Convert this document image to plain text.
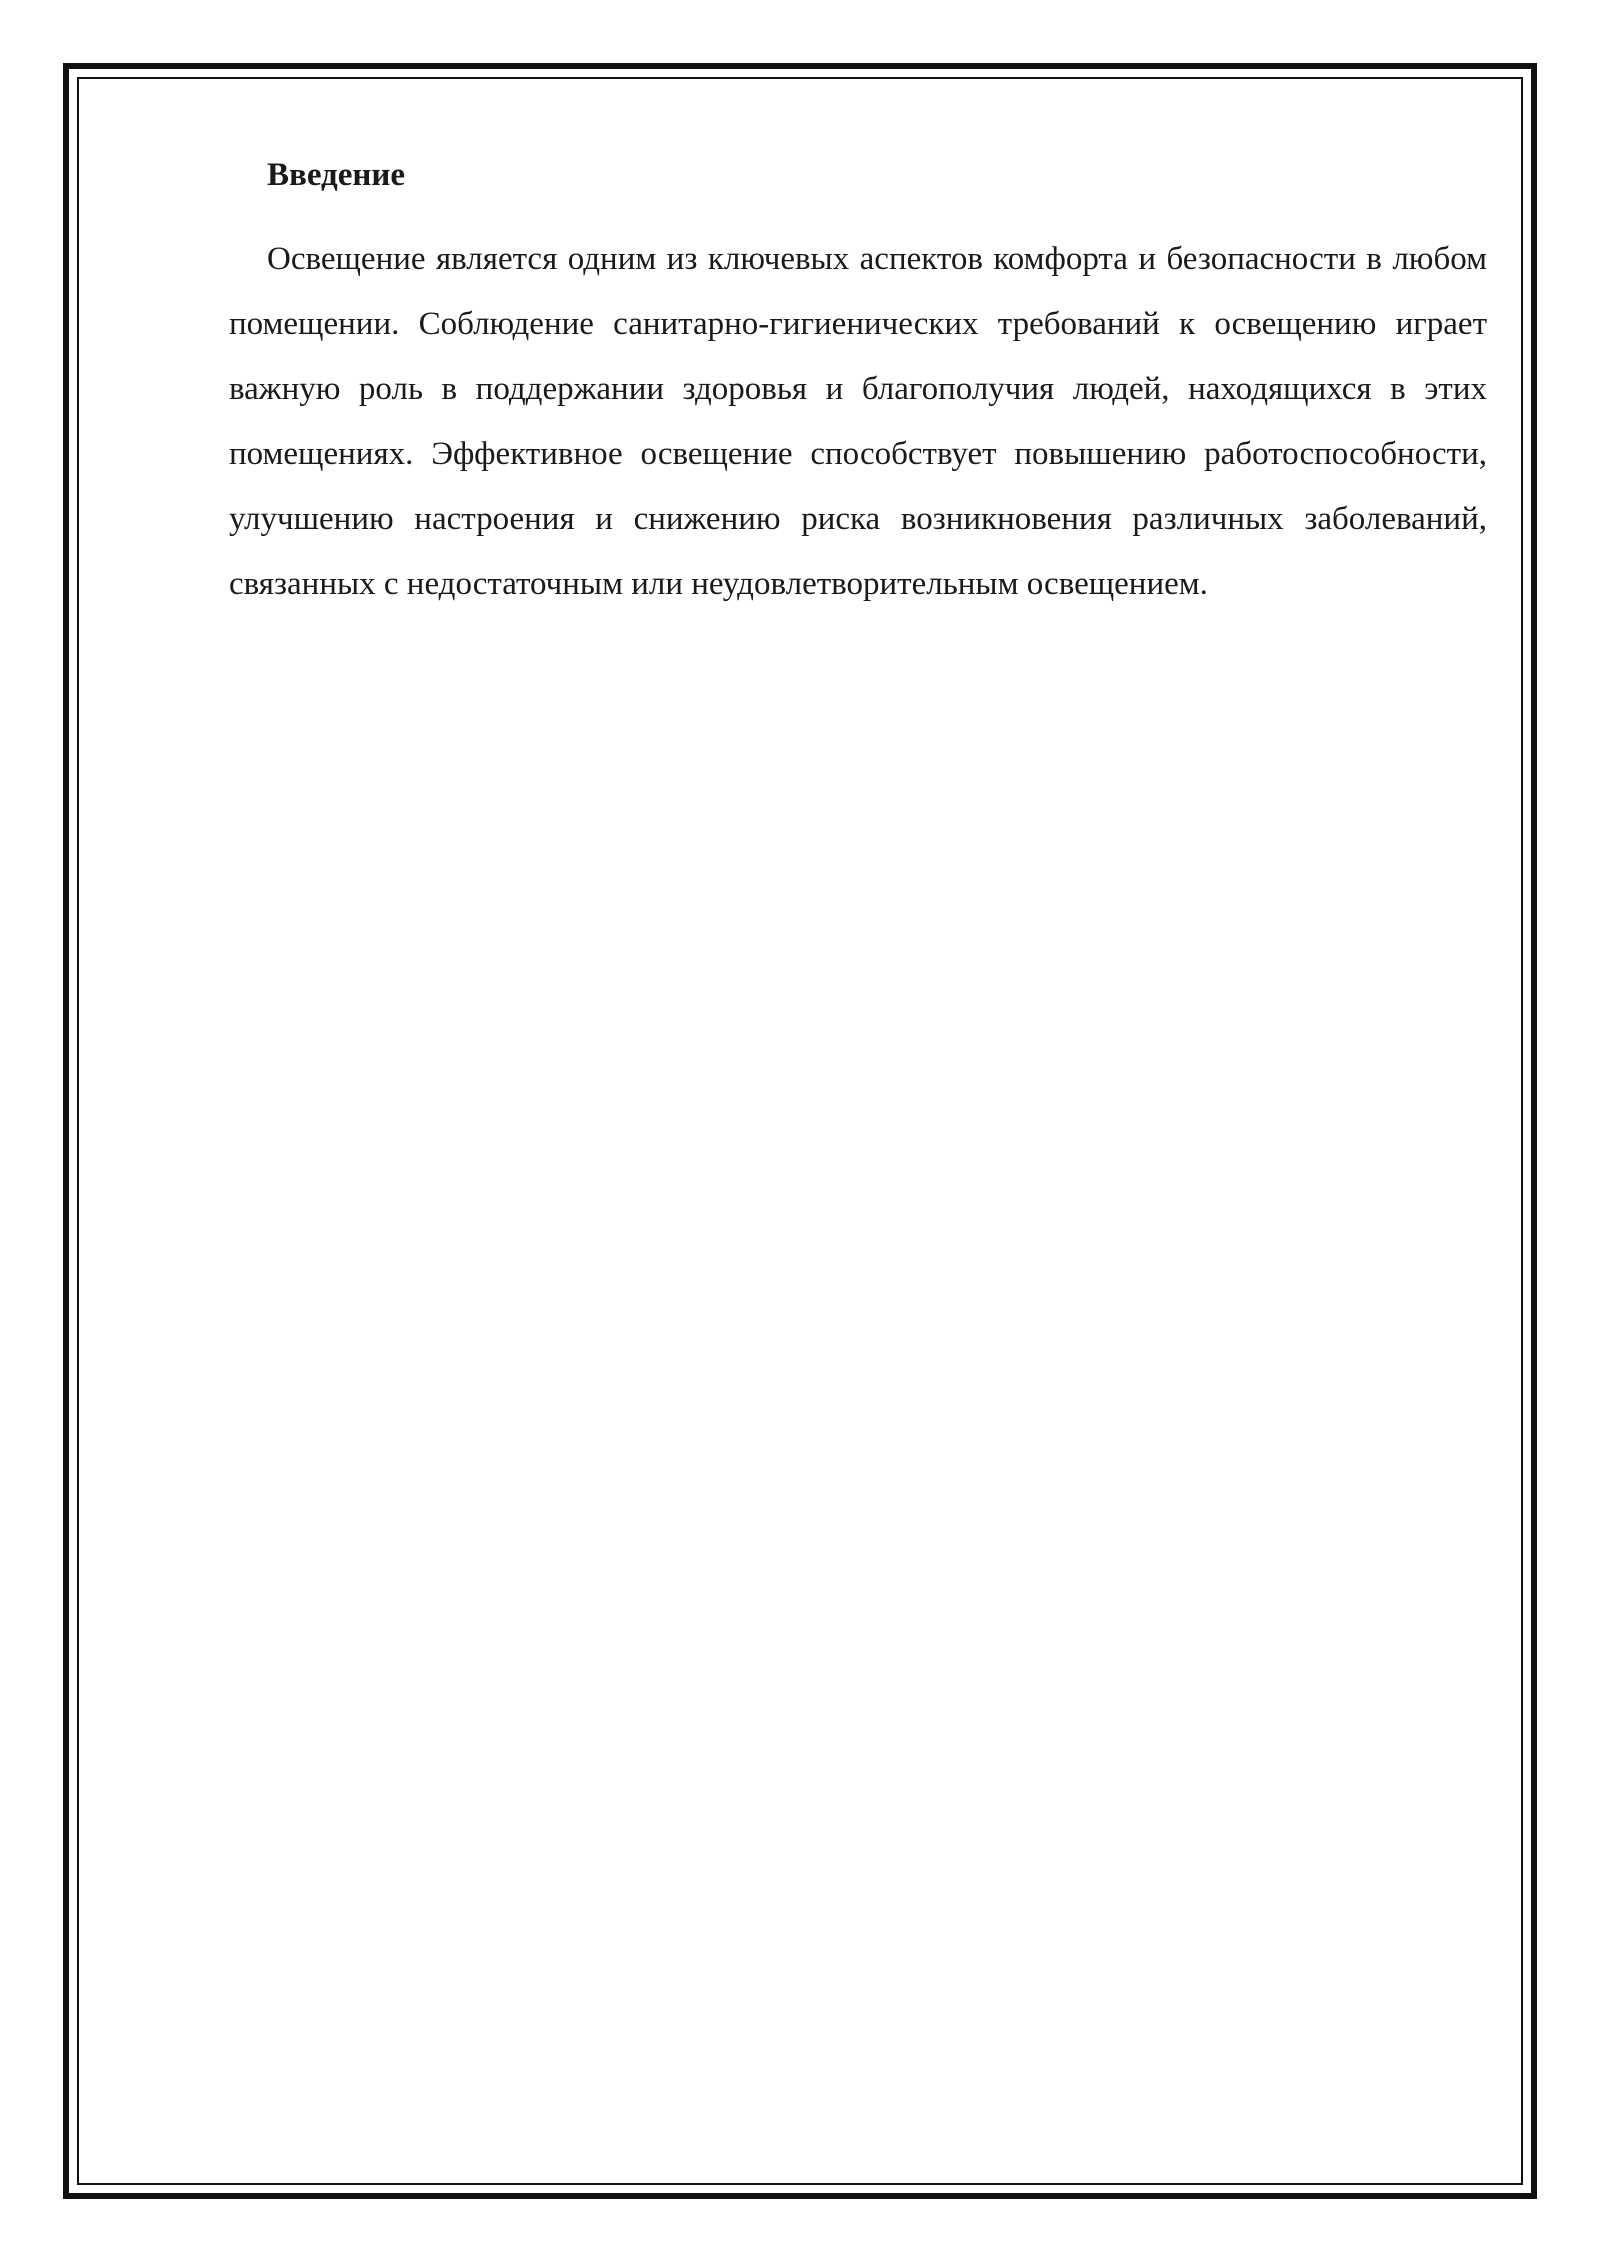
Введение

Освещение является одним из ключевых аспектов комфорта и безопасности в любом помещении. Соблюдение санитарно-гигиенических требований к освещению играет важную роль в поддержании здоровья и благополучия людей, находящихся в этих помещениях. Эффективное освещение способствует повышению работоспособности, улучшению настроения и снижению риска возникновения различных заболеваний, связанных с недостаточным или неудовлетворительным освещением.
